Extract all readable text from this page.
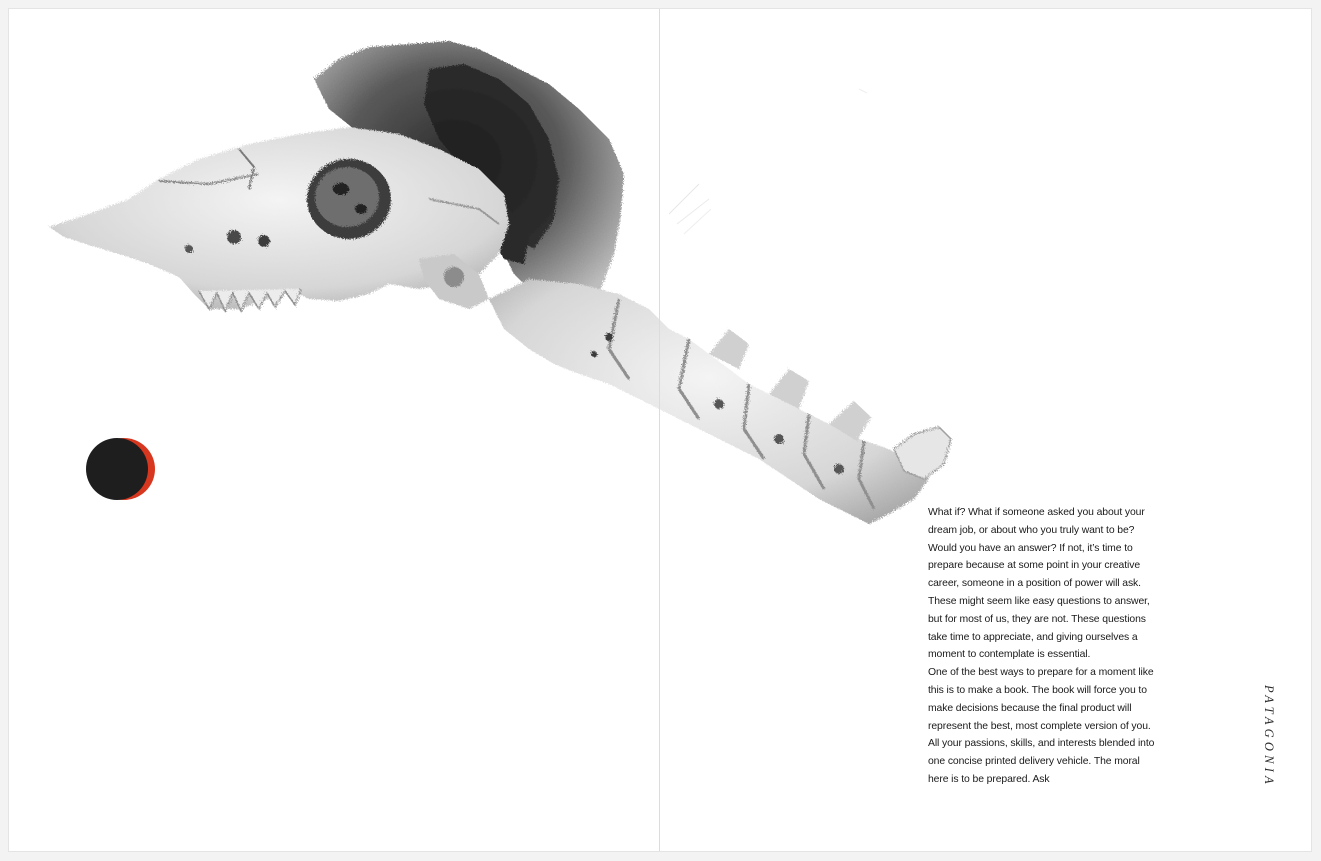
What if? What if someone asked you about your dream job, or about who you truly want to be? Would you have an answer? If not, it’s time to prepare because at some point in your creative career, someone in a position of power will ask. These might seem like easy questions to answer, but for most of us, they are not. These questions take time to appreciate, and giving ourselves a moment to contemplate is essential.

One of the best ways to prepare for a moment like this is to make a book. The book will force you to make decisions because the final product will represent the best, most complete version of you. All your passions, skills, and interests blended into one concise printed delivery vehicle. The moral here is to be prepared. Ask	PATAGONIA
